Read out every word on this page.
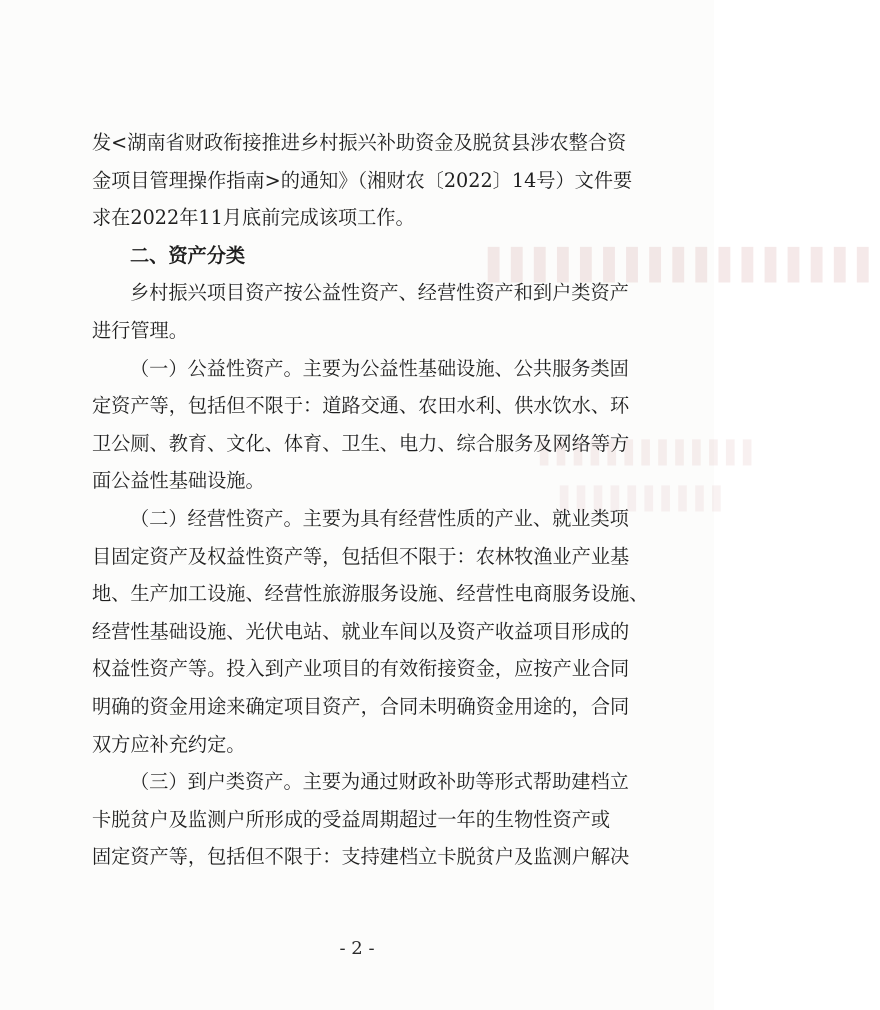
▌▌▌▌▌▌▌▌▌▌▌▌▌▌▌▌▌
▌▌▌▌▌▌▌▌▌▌▌▌▌
▌▌▌▌▌▌▌▌▌▌
发<湖南省财政衔接推进乡村振兴补助资金及脱贫县涉农整合资
金项目管理操作指南>的通知》（湘财农〔2022〕14号）文件要
求在2022年11月底前完成该项工作。
二、资产分类
乡村振兴项目资产按公益性资产、经营性资产和到户类资产
进行管理。
（一）公益性资产。主要为公益性基础设施、公共服务类固
定资产等，包括但不限于：道路交通、农田水利、供水饮水、环
卫公厕、教育、文化、体育、卫生、电力、综合服务及网络等方
面公益性基础设施。
（二）经营性资产。主要为具有经营性质的产业、就业类项
目固定资产及权益性资产等，包括但不限于：农林牧渔业产业基
地、生产加工设施、经营性旅游服务设施、经营性电商服务设施、
经营性基础设施、光伏电站、就业车间以及资产收益项目形成的
权益性资产等。投入到产业项目的有效衔接资金，应按产业合同
明确的资金用途来确定项目资产，合同未明确资金用途的，合同
双方应补充约定。
（三）到户类资产。主要为通过财政补助等形式帮助建档立
卡脱贫户及监测户所形成的受益周期超过一年的生物性资产或
固定资产等，包括但不限于：支持建档立卡脱贫户及监测户解决
- 2 -
